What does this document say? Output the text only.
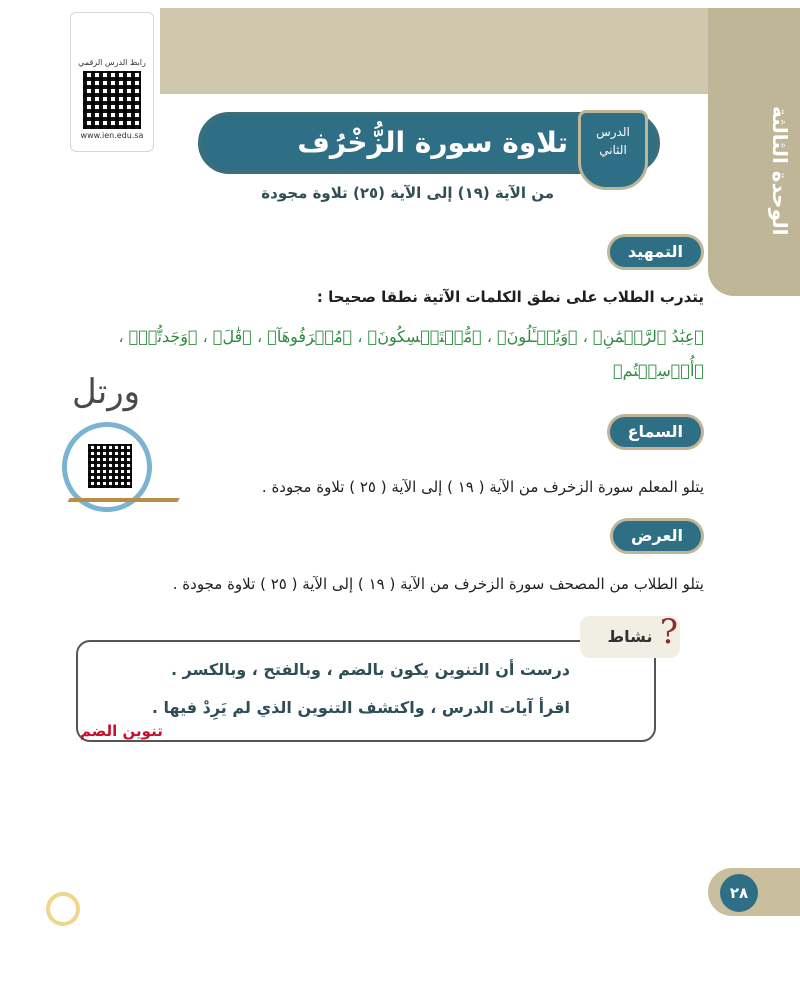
الوحدة الثالثة
رابط الدرس الرقمي
www.ien.edu.sa	تلاوة سورة الزُّخْرُف	الدرس
الثاني
من الآية (١٩) إلى الآية (٢٥) تلاوة مجودة
التمهيد
يتدرب الطلاب على نطق الكلمات الآتية نطقا صحيحا :
﴿عِبَٰدُ ٱلرَّحۡمَٰنِ﴾ ، ﴿وَيُسۡـَٔلُونَ﴾ ، ﴿مُّسۡتَمۡسِكُونَ﴾ ، ﴿مُتۡرَفُوهَآ﴾ ، ﴿قَٰلَ﴾ ، ﴿وَجَدتُّمۡ﴾ ، ﴿أُرۡسِلۡتُم﴾
ورتل
السماع
يتلو المعلم سورة الزخرف من الآية ( ١٩ ) إلى الآية ( ٢٥ ) تلاوة مجودة .
العرض
يتلو الطلاب من المصحف سورة الزخرف من الآية ( ١٩ ) إلى الآية ( ٢٥ ) تلاوة مجودة .
نشاط ?
درست أن التنوين يكون بالضم ، وبالفتح ، وبالكسر .
اقرأ آيات الدرس ، واكتشف التنوين الذي لم يَرِدْ فيها .
تنوين الضم
٢٨
